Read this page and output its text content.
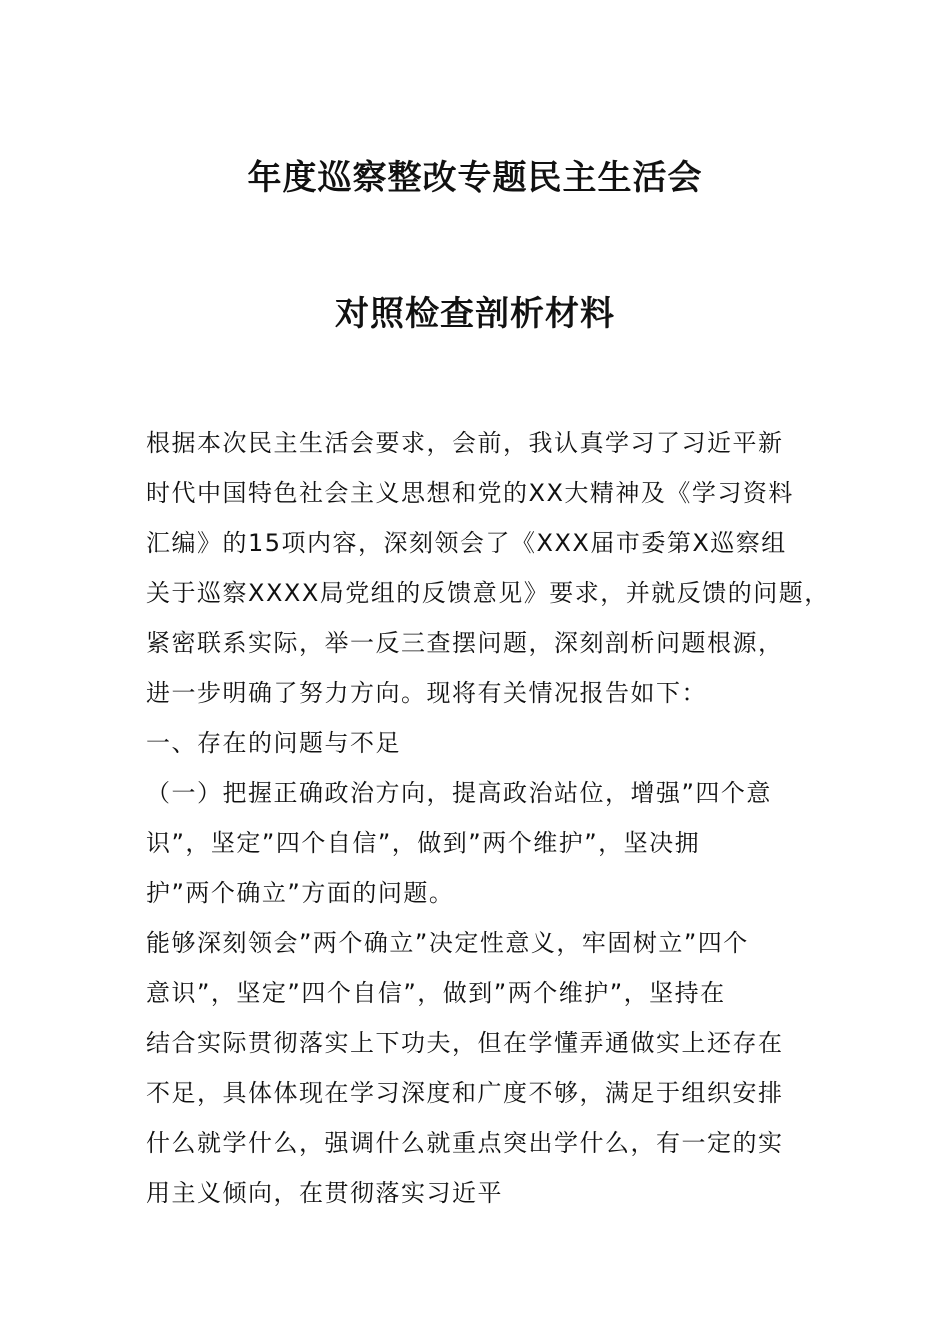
年度巡察整改专题民主生活会
对照检查剖析材料

根据本次民主生活会要求，会前，我认真学习了习近平新

时代中国特色社会主义思想和党的XX大精神及《学习资料

汇编》的15项内容，深刻领会了《XXX届市委第X巡察组

关于巡察XXXX局党组的反馈意见》要求，并就反馈的问题，

紧密联系实际，举一反三查摆问题，深刻剖析问题根源，

进一步明确了努力方向。现将有关情况报告如下：

一、存在的问题与不足

（一）把握正确政治方向，提高政治站位，增强”四个意

识”，坚定”四个自信”，做到”两个维护”，坚决拥

护”两个确立”方面的问题。

能够深刻领会”两个确立”决定性意义，牢固树立”四个

意识”，坚定”四个自信”，做到”两个维护”，坚持在

结合实际贯彻落实上下功夫，但在学懂弄通做实上还存在

不足，具体体现在学习深度和广度不够，满足于组织安排

什么就学什么，强调什么就重点突出学什么，有一定的实

用主义倾向，在贯彻落实习近平
